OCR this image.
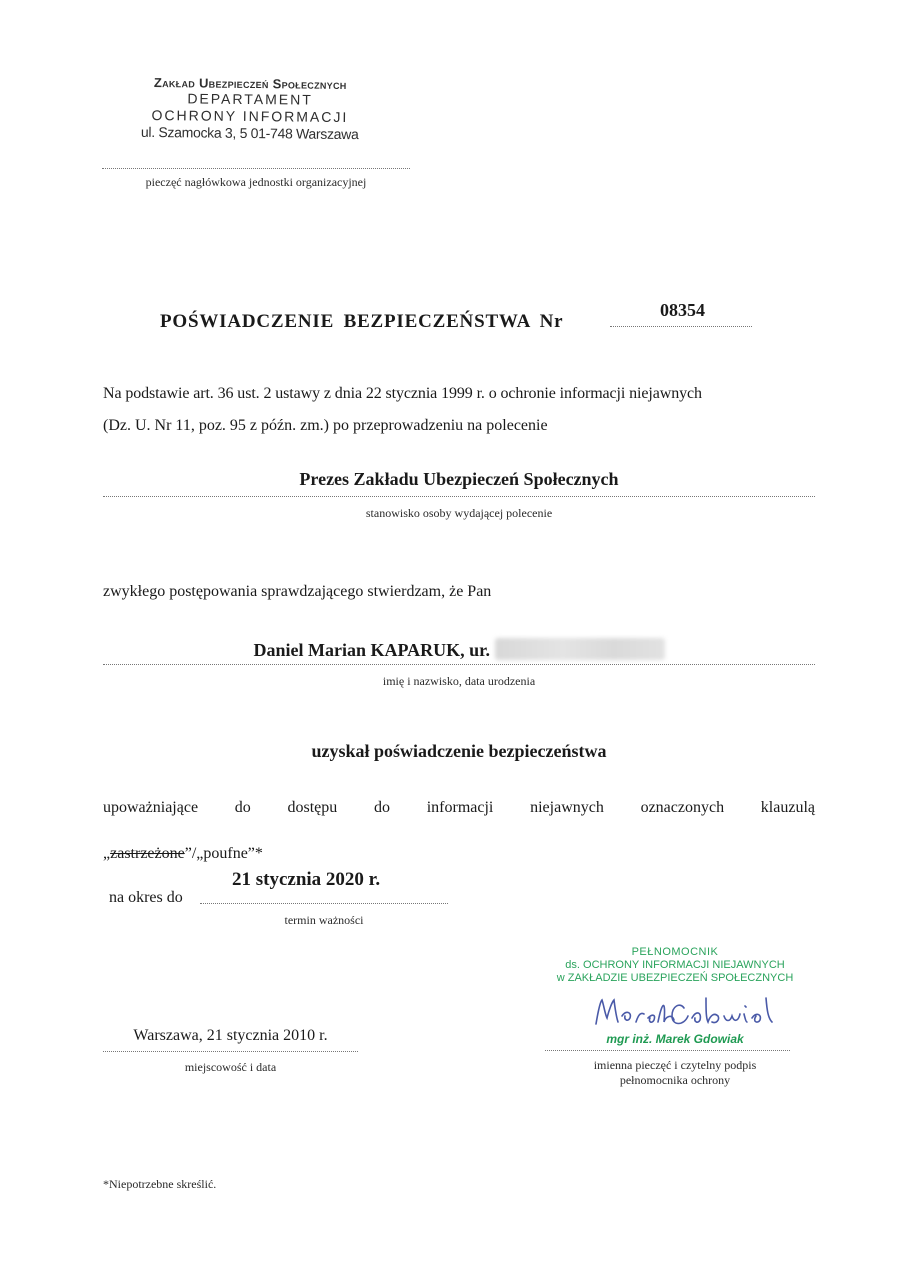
Zakład Ubezpieczeń Społecznych
DEPARTAMENT
OCHRONY INFORMACJI
ul. Szamocka 3, 5 01-748 Warszawa
pieczęć nagłówkowa jednostki organizacyjnej
POŚWIADCZENIE BEZPIECZEŃSTWA Nr
08354
Na podstawie art. 36 ust. 2 ustawy z dnia 22 stycznia 1999 r. o ochronie informacji niejawnych
(Dz. U. Nr 11, poz. 95 z późn. zm.) po przeprowadzeniu na polecenie
Prezes Zakładu Ubezpieczeń Społecznych
stanowisko osoby wydającej polecenie
zwykłego postępowania sprawdzającego stwierdzam, że Pan
Daniel Marian KAPARUK, ur.
imię i nazwisko, data urodzenia
uzyskał poświadczenie bezpieczeństwa
upoważniające do dostępu do informacji niejawnych oznaczonych klauzulą
„zastrzeżone”/„poufne”*
na okres do
21 stycznia 2020 r.
termin ważności
Warszawa, 21 stycznia 2010 r.
miejscowość i data
PEŁNOMOCNIK
ds. OCHRONY INFORMACJI NIEJAWNYCH
w ZAKŁADZIE UBEZPIECZEŃ SPOŁECZNYCH
mgr inż. Marek Gdowiak
imienna pieczęć i czytelny podpis
pełnomocnika ochrony
*Niepotrzebne skreślić.
